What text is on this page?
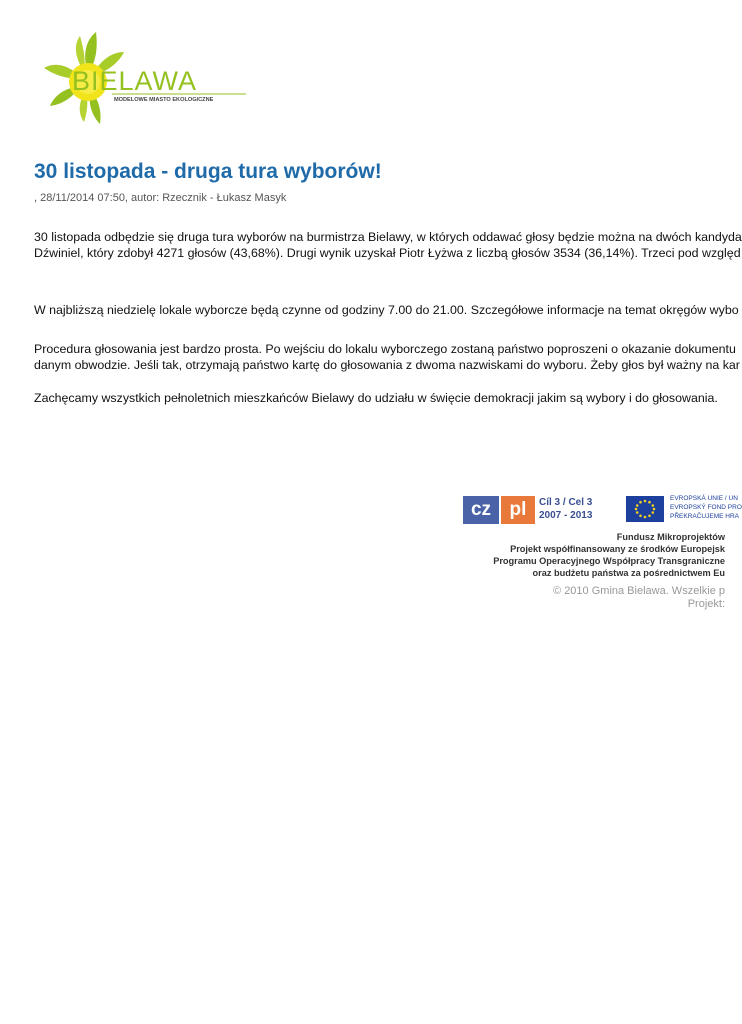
BIELAWA
MODELOWE MIASTO EKOLOGICZNE
30 listopada - druga tura wyborów!
, 28/11/2014 07:50, autor: Rzecznik - Łukasz Masyk
30 listopada odbędzie się druga tura wyborów na burmistrza Bielawy, w których oddawać głosy będzie można na dwóch kandyda
Dźwiniel, który zdobył 4271 głosów (43,68%). Drugi wynik uzyskał Piotr Łyżwa z liczbą głosów 3534 (36,14%). Trzeci pod względ
W najbliższą niedzielę lokale wyborcze będą czynne od godziny 7.00 do 21.00. Szczegółowe informacje na temat okręgów wybo
Procedura głosowania jest bardzo prosta. Po wejściu do lokalu wyborczego zostaną państwo poproszeni o okazanie dokumentu
danym obwodzie. Jeśli tak, otrzymają państwo kartę do głosowania z dwoma nazwiskami do wyboru. Żeby głos był ważny na kar
Zachęcamy wszystkich pełnoletnich mieszkańców Bielawy do udziału w święcie demokracji jakim są wybory i do głosowania.
cz pl	Cíl 3 / Cel 3
2007 - 2013
EVROPSKÁ UNIE / UN
EVROPSKÝ FOND PRO
PŘEKRAČUJEME HRA
Fundusz Mikroprojektów
Projekt współfinansowany ze środków Europejsk
Programu Operacyjnego Współpracy Transgraniczne
oraz budżetu państwa za pośrednictwem Eu
© 2010 Gmina Bielawa. Wszelkie p
Projekt:
